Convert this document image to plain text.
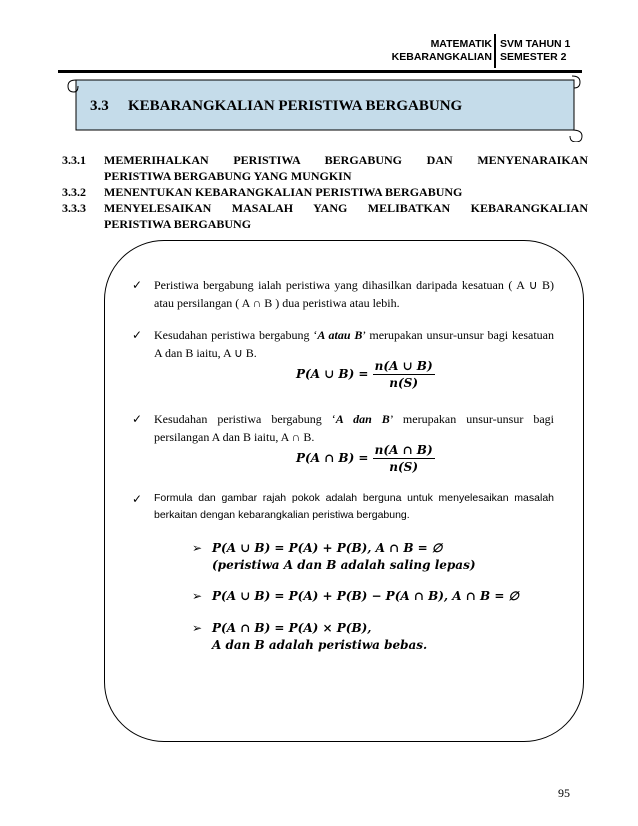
MATEMATIK
KEBARANGKALIAN
SVM TAHUN 1
SEMESTER 2
3.3 KEBARANGKALIAN PERISTIWA BERGABUNG
3.3.1	MEMERIHALKAN PERISTIWA BERGABUNG DAN MENYENARAIKAN
PERISTIWA BERGABUNG YANG MUNGKIN
3.3.2	MENENTUKAN KEBARANGKALIAN PERISTIWA BERGABUNG
3.3.3	MENYELESAIKAN MASALAH YANG MELIBATKAN KEBARANGKALIAN
PERISTIWA BERGABUNG
✓ Peristiwa bergabung ialah peristiwa yang dihasilkan daripada kesatuan ( A ∪ B) atau persilangan ( A ∩ B ) dua peristiwa atau lebih.
✓ Kesudahan peristiwa bergabung ‘A atau B’ merupakan unsur-unsur bagi kesatuan A dan B iaitu, A ∪ B.
P(A ∪ $B) = \frac{n(A \cup B)}{n(S)}$
✓ Kesudahan peristiwa bergabung ‘A dan B’ merupakan unsur-unsur bagi persilangan A dan B iaitu, A ∩ B.
P(A ∩ $B) = \frac{n(A \cap B)}{n(S)}$
✓ Formula dan gambar rajah pokok adalah berguna untuk menyelesaikan masalah berkaitan dengan kebarangkalian peristiwa bergabung.
➢ P(A ∪ B) = P(A) + P(B), A ∩ B = ∅
(peristiwa A dan B adalah saling lepas)
➢ P(A ∪ B) = P(A) + P(B) − P(A ∩ B), A ∩ B = ∅
➢ P(A ∩ B) = P(A) × P(B),
A dan B adalah peristiwa bebas.
95
